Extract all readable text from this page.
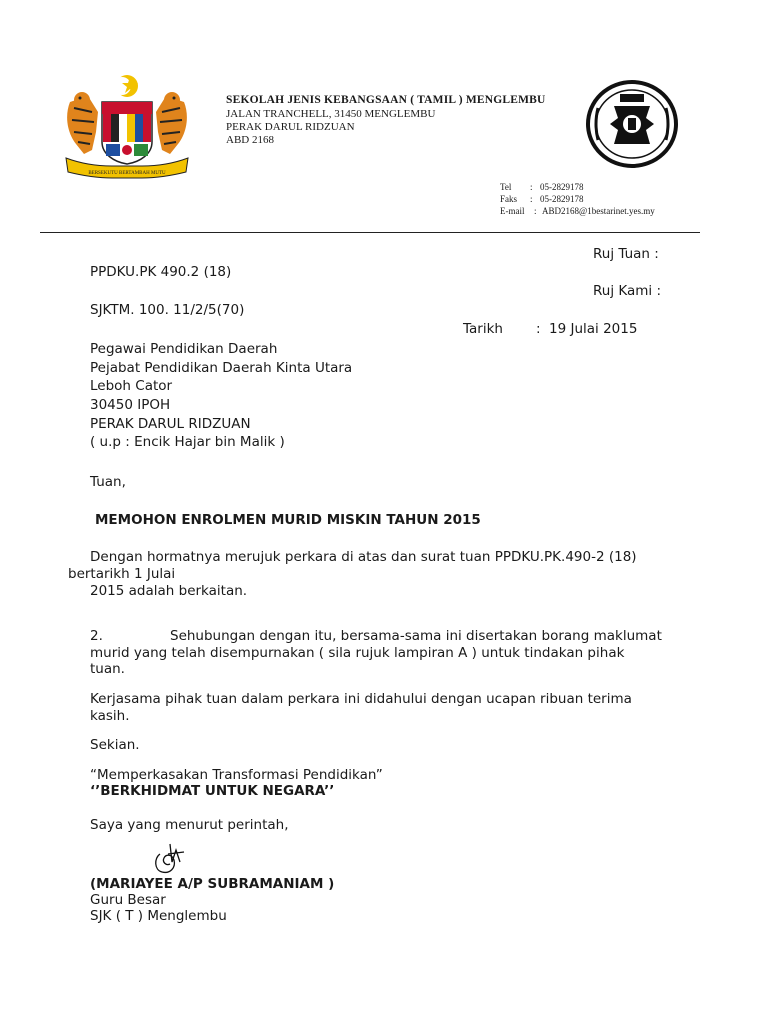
BERSEKUTU BERTAMBAH MUTU
SEKOLAH JENIS KEBANGSAAN ( TAMIL ) MENGLEMBU
JALAN TRANCHELL, 31450 MENGLEMBU
PERAK DARUL RIDZUAN
ABD 2168
Tel : 05-2829178
Faks : 05-2829178
E-mail : ABD2168@1bestarinet.yes.my
Ruj Tuan :
PPDKU.PK 490.2 (18)
Ruj Kami :
SJKTM. 100. 11/2/5(70)
Tarikh : 19 Julai 2015
Pegawai Pendidikan Daerah
Pejabat Pendidikan Daerah Kinta Utara
Leboh Cator
30450 IPOH
PERAK DARUL RIDZUAN
( u.p : Encik Hajar bin Malik )
Tuan,
MEMOHON ENROLMEN MURID MISKIN TAHUN 2015
Dengan hormatnya merujuk perkara di atas dan surat tuan PPDKU.PK.490-2 (18)
bertarikh 1 Julai
2015 adalah berkaitan.
2.	Sehubungan dengan itu, bersama-sama ini disertakan borang maklumat
murid yang telah disempurnakan ( sila rujuk lampiran A ) untuk tindakan pihak
tuan.
Kerjasama pihak tuan dalam perkara ini didahului dengan ucapan ribuan terima
kasih.
Sekian.
“Memperkasakan Transformasi Pendidikan”
‘’BERKHIDMAT UNTUK NEGARA’’
Saya yang menurut perintah,
(MARIAYEE A/P SUBRAMANIAM )
Guru Besar
SJK ( T ) Menglembu
